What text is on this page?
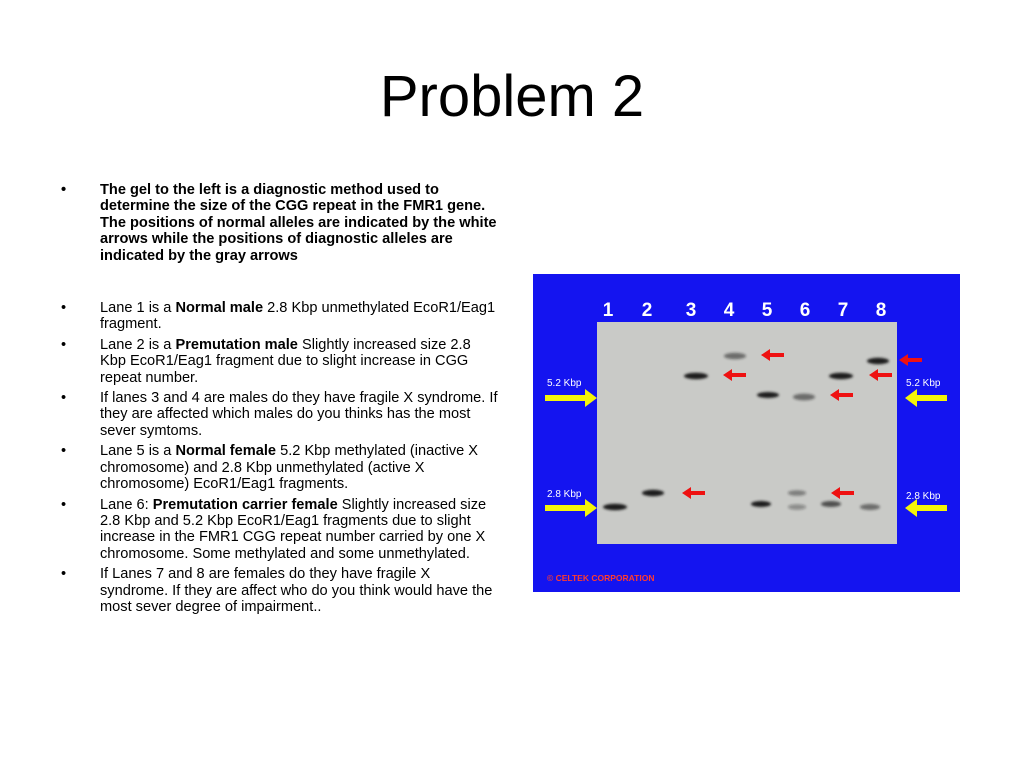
Problem 2
• The gel to the left is a diagnostic method used to determine the size of the CGG repeat in the FMR1 gene. The positions of normal alleles are indicated by the white arrows while the positions of diagnostic alleles are indicated by the gray arrows
• Lane 1 is a Normal male 2.8 Kbp unmethylated EcoR1/Eag1 fragment.
• Lane 2 is a Premutation male Slightly increased size 2.8 Kbp EcoR1/Eag1 fragment due to slight increase in CGG repeat number.
• If lanes 3 and 4 are males do they have fragile X syndrome. If they are affected which males do you thinks has the most sever symtoms.
• Lane 5 is a Normal female 5.2 Kbp methylated (inactive X chromosome) and 2.8 Kbp unmethylated (active X chromosome) EcoR1/Eag1 fragments.
• Lane 6: Premutation carrier female Slightly increased size 2.8 Kbp and 5.2 Kbp EcoR1/Eag1 fragments due to slight increase in the FMR1 CGG repeat number carried by one X chromosome. Some methylated and some unmethylated.
• If Lanes 7 and 8 are females do they have fragile X syndrome. If they are affect who do you think would have the most sever degree of impairment..
1 2 3 4 5 6 7 8
5.2 Kbp
2.8 Kbp
5.2 Kbp
2.8 Kbp
© CELTEK CORPORATION
